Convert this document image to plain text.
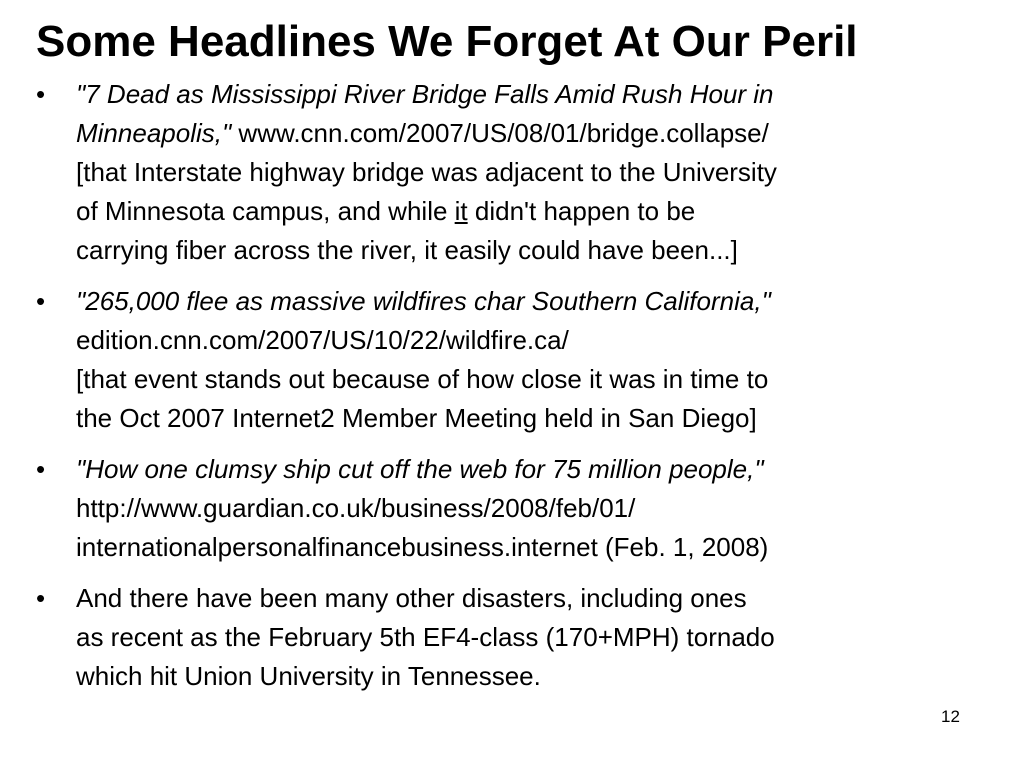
Some Headlines We Forget At Our Peril
• "7 Dead as Mississippi River Bridge Falls Amid Rush Hour in
Minneapolis," www.cnn.com/2007/US/08/01/bridge.collapse/
[that Interstate highway bridge was adjacent to the University
of Minnesota campus, and while it didn't happen to be
carrying fiber across the river, it easily could have been...]
• "265,000 flee as massive wildfires char Southern California,"
edition.cnn.com/2007/US/10/22/wildfire.ca/
[that event stands out because of how close it was in time to
the Oct 2007 Internet2 Member Meeting held in San Diego]
• "How one clumsy ship cut off the web for 75 million people,"
http://www.guardian.co.uk/business/2008/feb/01/
internationalpersonalfinancebusiness.internet (Feb. 1, 2008)
• And there have been many other disasters, including ones
as recent as the February 5th EF4-class (170+MPH) tornado
which hit Union University in Tennessee.
12
